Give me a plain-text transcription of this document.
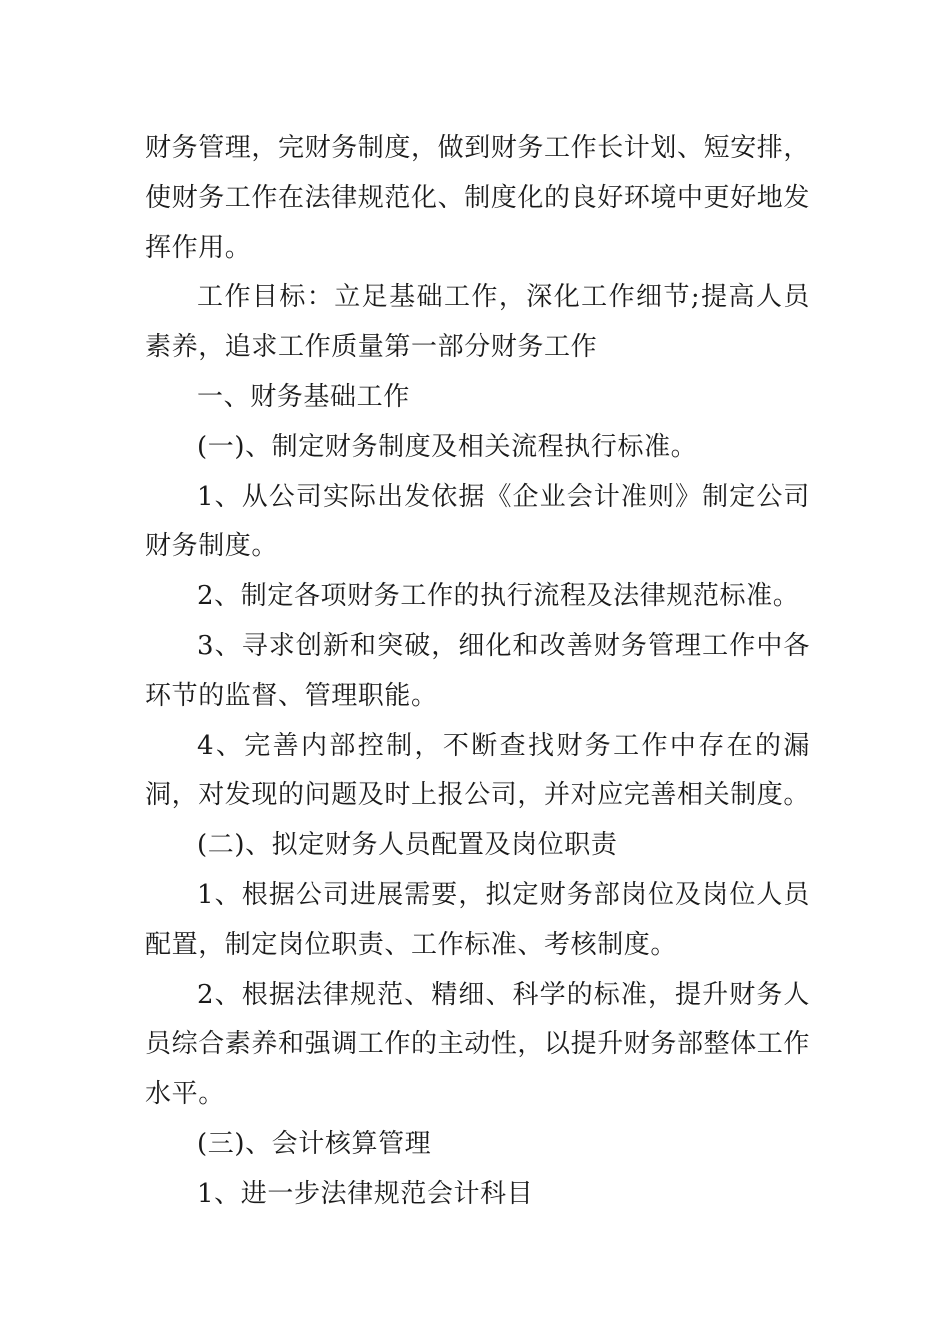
财务管理，完财务制度，做到财务工作长计划、短安排，使财务工作在法律规范化、制度化的良好环境中更好地发挥作用。

工作目标：立足基础工作，深化工作细节;提高人员素养，追求工作质量第一部分财务工作

一、财务基础工作

(一)、制定财务制度及相关流程执行标准。

1、从公司实际出发依据《企业会计准则》制定公司财务制度。

2、制定各项财务工作的执行流程及法律规范标准。

3、寻求创新和突破，细化和改善财务管理工作中各环节的监督、管理职能。

4、完善内部控制，不断查找财务工作中存在的漏洞，对发现的问题及时上报公司，并对应完善相关制度。

(二)、拟定财务人员配置及岗位职责

1、根据公司进展需要，拟定财务部岗位及岗位人员配置，制定岗位职责、工作标准、考核制度。

2、根据法律规范、精细、科学的标准，提升财务人员综合素养和强调工作的主动性，以提升财务部整体工作水平。

(三)、会计核算管理

1、进一步法律规范会计科目
